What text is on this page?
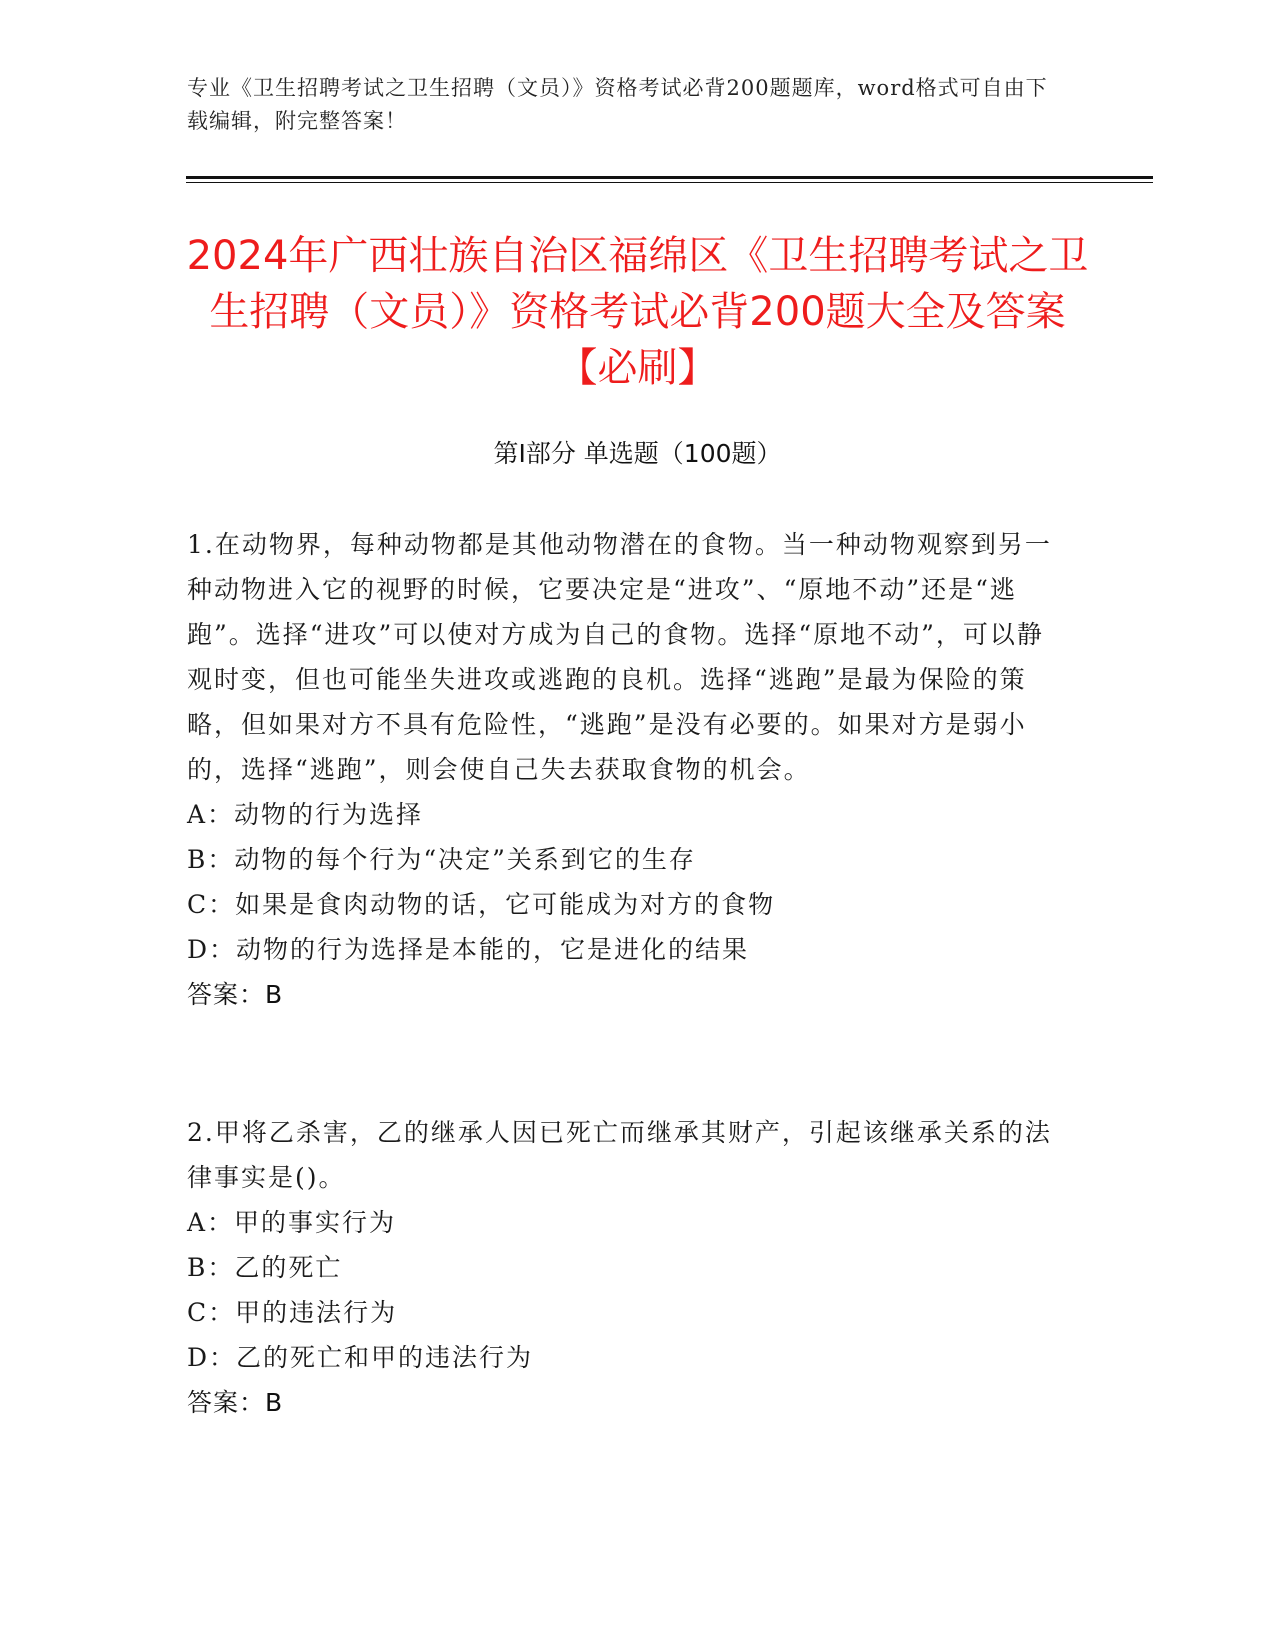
专业《卫生招聘考试之卫生招聘（文员）》资格考试必背200题题库，word格式可自由下载编辑，附完整答案！
2024年广西壮族自治区福绵区《卫生招聘考试之卫生招聘（文员）》资格考试必背200题大全及答案【必刷】
第I部分 单选题（100题）
1.在动物界，每种动物都是其他动物潜在的食物。当一种动物观察到另一种动物进入它的视野的时候，它要决定是“进攻”、“原地不动”还是“逃跑”。选择“进攻”可以使对方成为自己的食物。选择“原地不动”，可以静观时变，但也可能坐失进攻或逃跑的良机。选择“逃跑”是最为保险的策略，但如果对方不具有危险性，“逃跑”是没有必要的。如果对方是弱小的，选择“逃跑”，则会使自己失去获取食物的机会。
A：动物的行为选择
B：动物的每个行为“决定”关系到它的生存
C：如果是食肉动物的话，它可能成为对方的食物
D：动物的行为选择是本能的，它是进化的结果
答案：B
2.甲将乙杀害，乙的继承人因已死亡而继承其财产，引起该继承关系的法律事实是()。
A：甲的事实行为
B：乙的死亡
C：甲的违法行为
D：乙的死亡和甲的违法行为
答案：B
